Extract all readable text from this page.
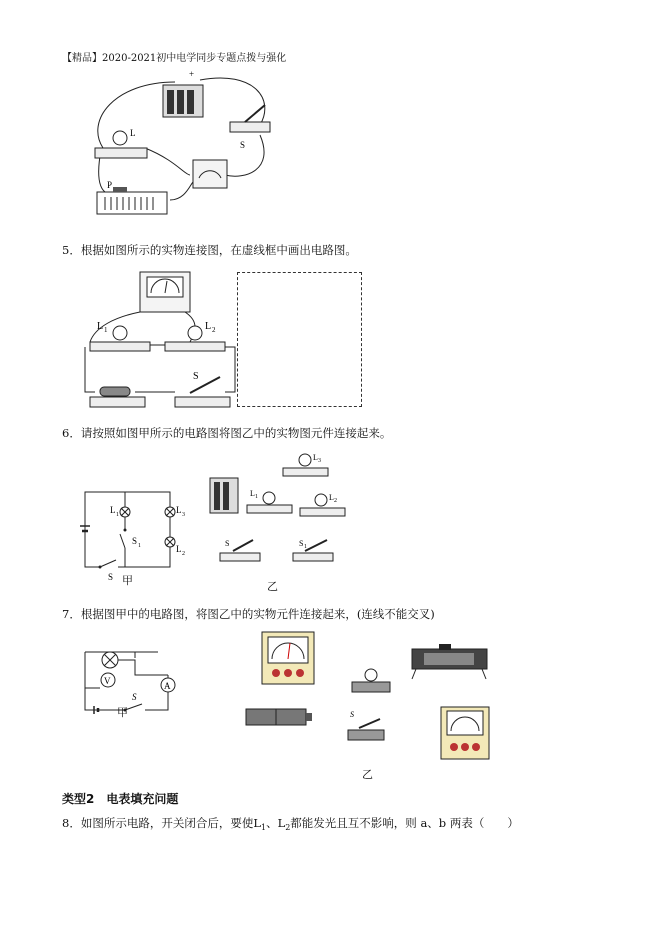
【精品】2020-2021初中电学同步专题点拨与强化
+
S
L
P
5．根据如图所示的实物连接图，在虚线框中画出电路图。
L 1	L 2
S
6．请按照如图甲所示的电路图将图乙中的实物图元件连接起来。
L 1
S 1
L 3
L 2
S 甲
L 3
L 1	L 2
S	S 1
乙
7．根据图甲中的电路图，将图乙中的实物元件连接起来，(连线不能交叉)
V	A
S
甲	S
乙
类型2　电表填充问题
8．如图所示电路，开关闭合后，要使$L_1$、$L_2$都能发光且互不影响，则 a、b 两表（　　）
